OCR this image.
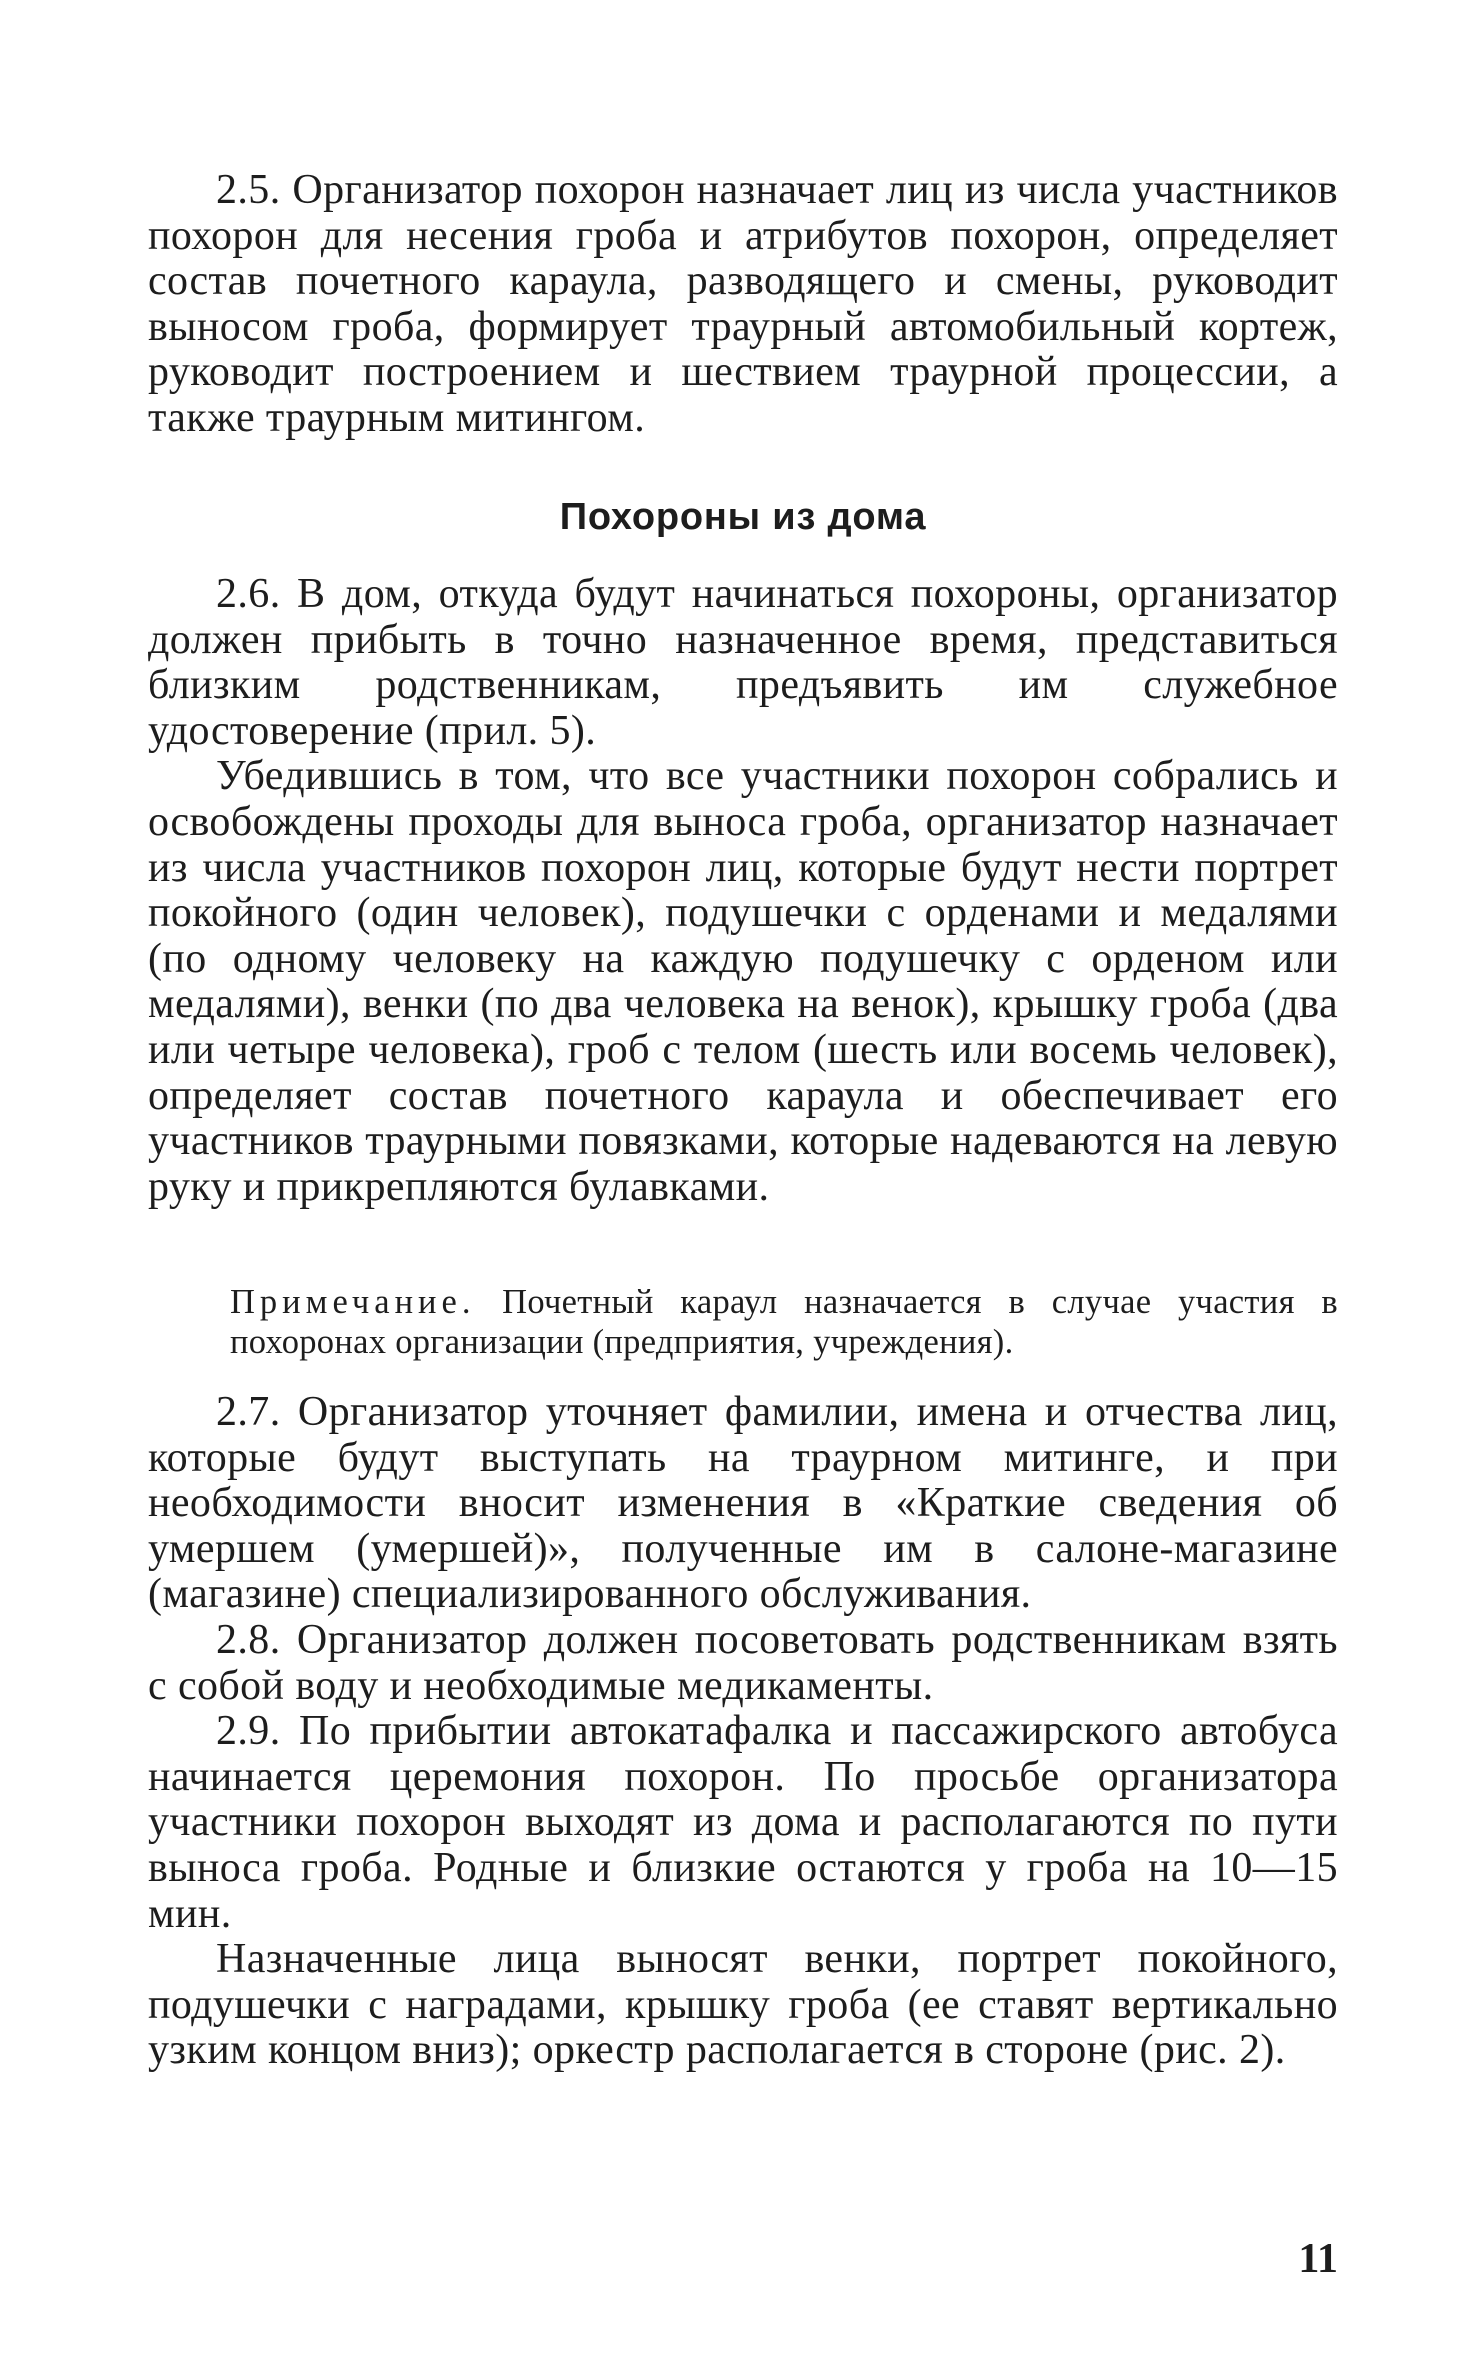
2.5. Организатор похорон назначает лиц из числа участников похорон для несения гроба и атрибутов похорон, определяет состав почетного караула, разводящего и смены, руководит выносом гроба, формирует траурный автомобильный кортеж, руководит построением и шествием траурной процессии, а также траурным митингом.

Похороны из дома

2.6. В дом, откуда будут начинаться похороны, организатор должен прибыть в точно назначенное время, представиться близким родственникам, предъявить им служебное удостоверение (прил. 5).

Убедившись в том, что все участники похорон собрались и освобождены проходы для выноса гроба, организатор назначает из числа участников похорон лиц, которые будут нести портрет покойного (один человек), подушечки с орденами и медалями (по одному человеку на каждую подушечку с орденом или медалями), венки (по два человека на венок), крышку гроба (два или четыре человека), гроб с телом (шесть или восемь человек), определяет состав почетного караула и обеспечивает его участников траурными повязками, которые надеваются на левую руку и прикрепляются булавками.

Примечание. Почетный караул назначается в случае участия в похоронах организации (предприятия, учреждения).

2.7. Организатор уточняет фамилии, имена и отчества лиц, которые будут выступать на траурном митинге, и при необходимости вносит изменения в «Краткие сведения об умершем (умершей)», полученные им в салоне-магазине (магазине) специализированного обслуживания.

2.8. Организатор должен посоветовать родственникам взять с собой воду и необходимые медикаменты.

2.9. По прибытии автокатафалка и пассажирского автобуса начинается церемония похорон. По просьбе организатора участники похорон выходят из дома и располагаются по пути выноса гроба. Родные и близкие остаются у гроба на 10—15 мин.

Назначенные лица выносят венки, портрет покойного, подушечки с наградами, крышку гроба (ее ставят вертикально узким концом вниз); оркестр располагается в стороне (рис. 2).

11
